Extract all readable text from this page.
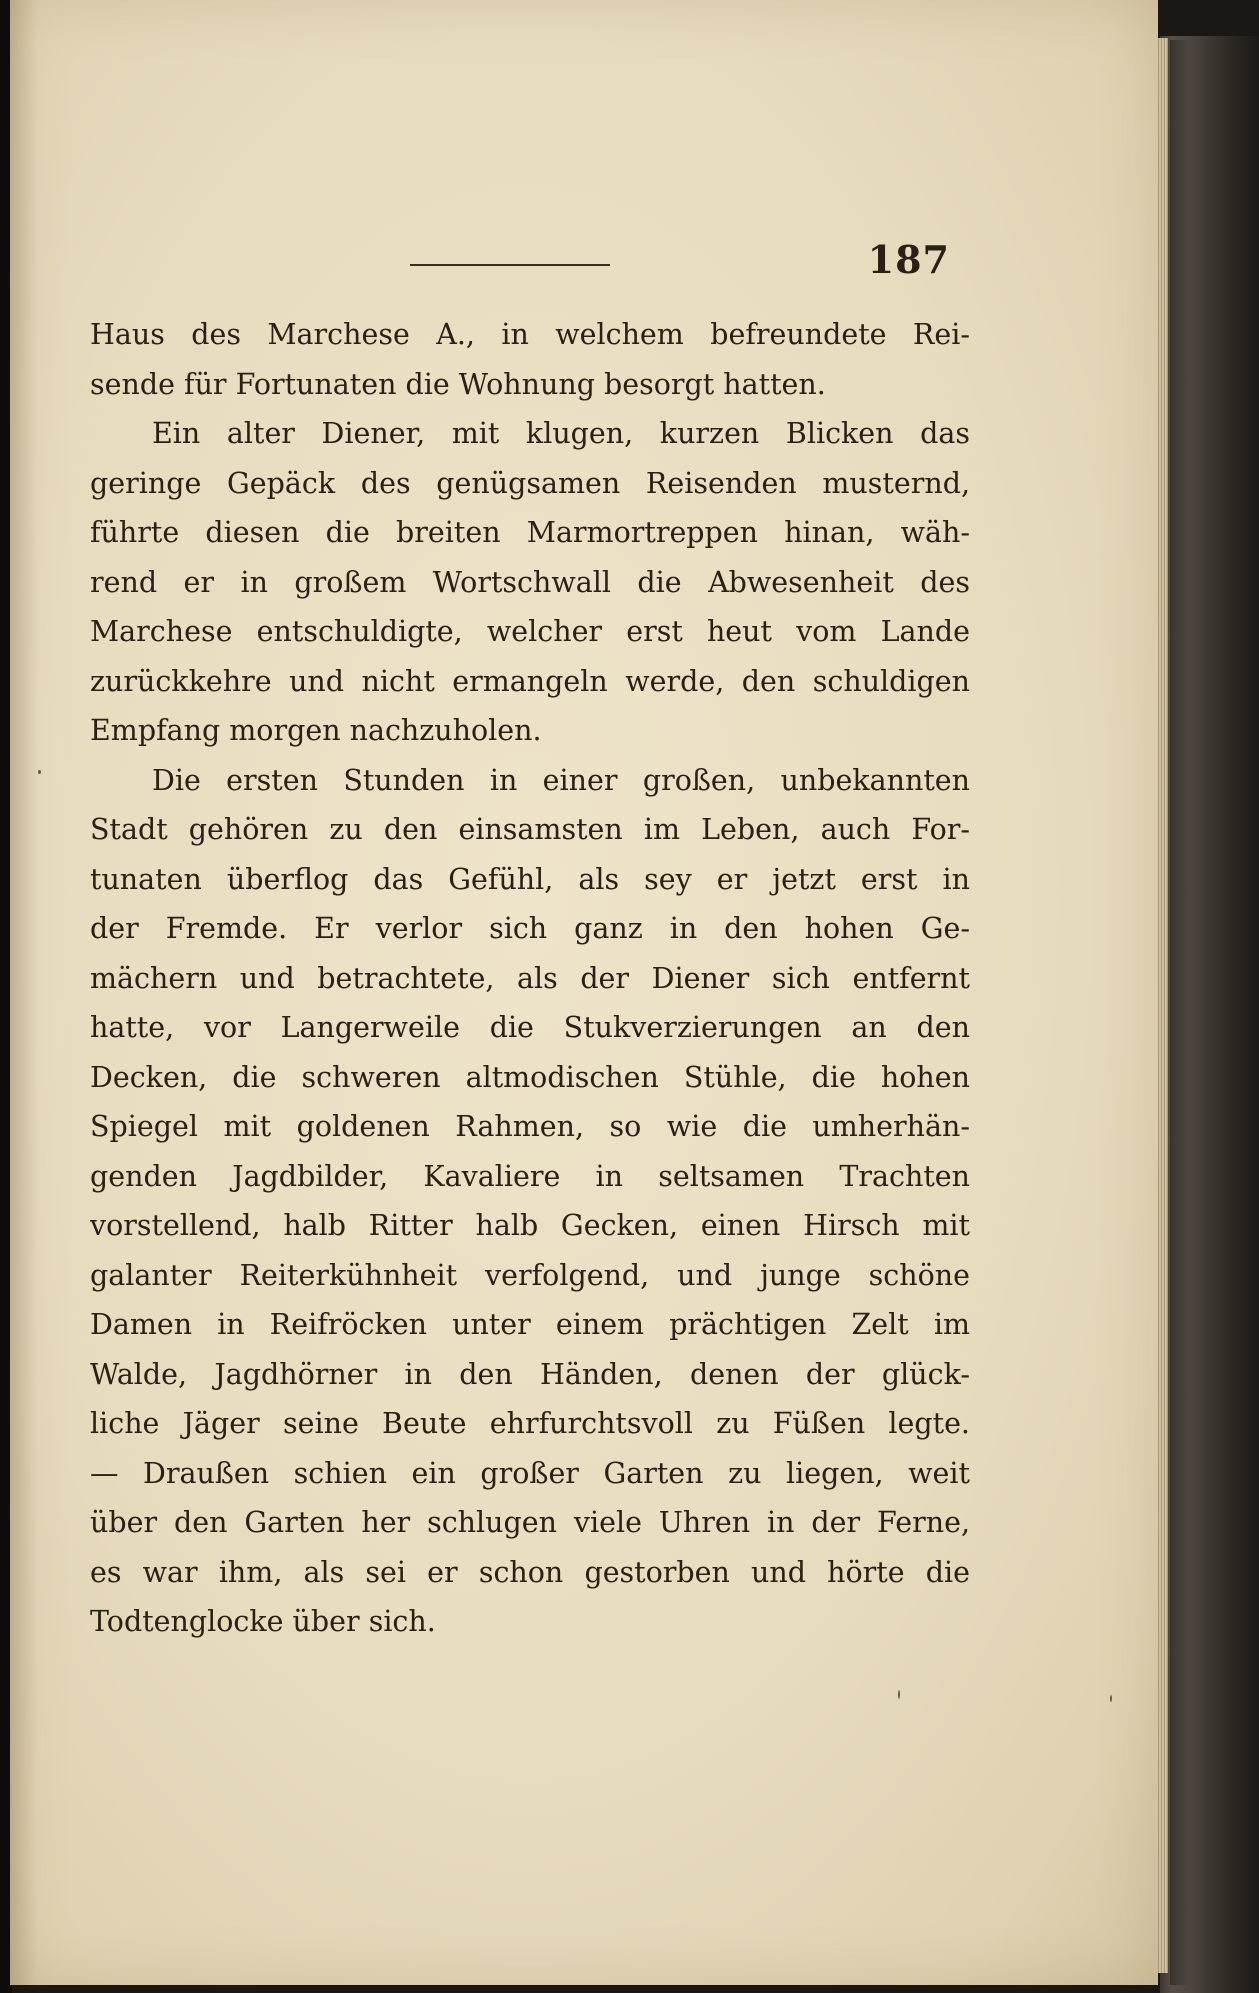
187
Haus des Marchese A., in welchem befreundete Rei-
sende für Fortunaten die Wohnung besorgt hatten.
Ein alter Diener, mit klugen, kurzen Blicken das
geringe Gepäck des genügsamen Reisenden musternd,
führte diesen die breiten Marmortreppen hinan, wäh-
rend er in großem Wortschwall die Abwesenheit des
Marchese entschuldigte, welcher erst heut vom Lande
zurückkehre und nicht ermangeln werde, den schuldigen
Empfang morgen nachzuholen.
Die ersten Stunden in einer großen, unbekannten
Stadt gehören zu den einsamsten im Leben, auch For-
tunaten überflog das Gefühl, als sey er jetzt erst in
der Fremde. Er verlor sich ganz in den hohen Ge-
mächern und betrachtete, als der Diener sich entfernt
hatte, vor Langerweile die Stukverzierungen an den
Decken, die schweren altmodischen Stühle, die hohen
Spiegel mit goldenen Rahmen, so wie die umherhän-
genden Jagdbilder, Kavaliere in seltsamen Trachten
vorstellend, halb Ritter halb Gecken, einen Hirsch mit
galanter Reiterkühnheit verfolgend, und junge schöne
Damen in Reifröcken unter einem prächtigen Zelt im
Walde, Jagdhörner in den Händen, denen der glück-
liche Jäger seine Beute ehrfurchtsvoll zu Füßen legte.
— Draußen schien ein großer Garten zu liegen, weit
über den Garten her schlugen viele Uhren in der Ferne,
es war ihm, als sei er schon gestorben und hörte die
Todtenglocke über sich.
